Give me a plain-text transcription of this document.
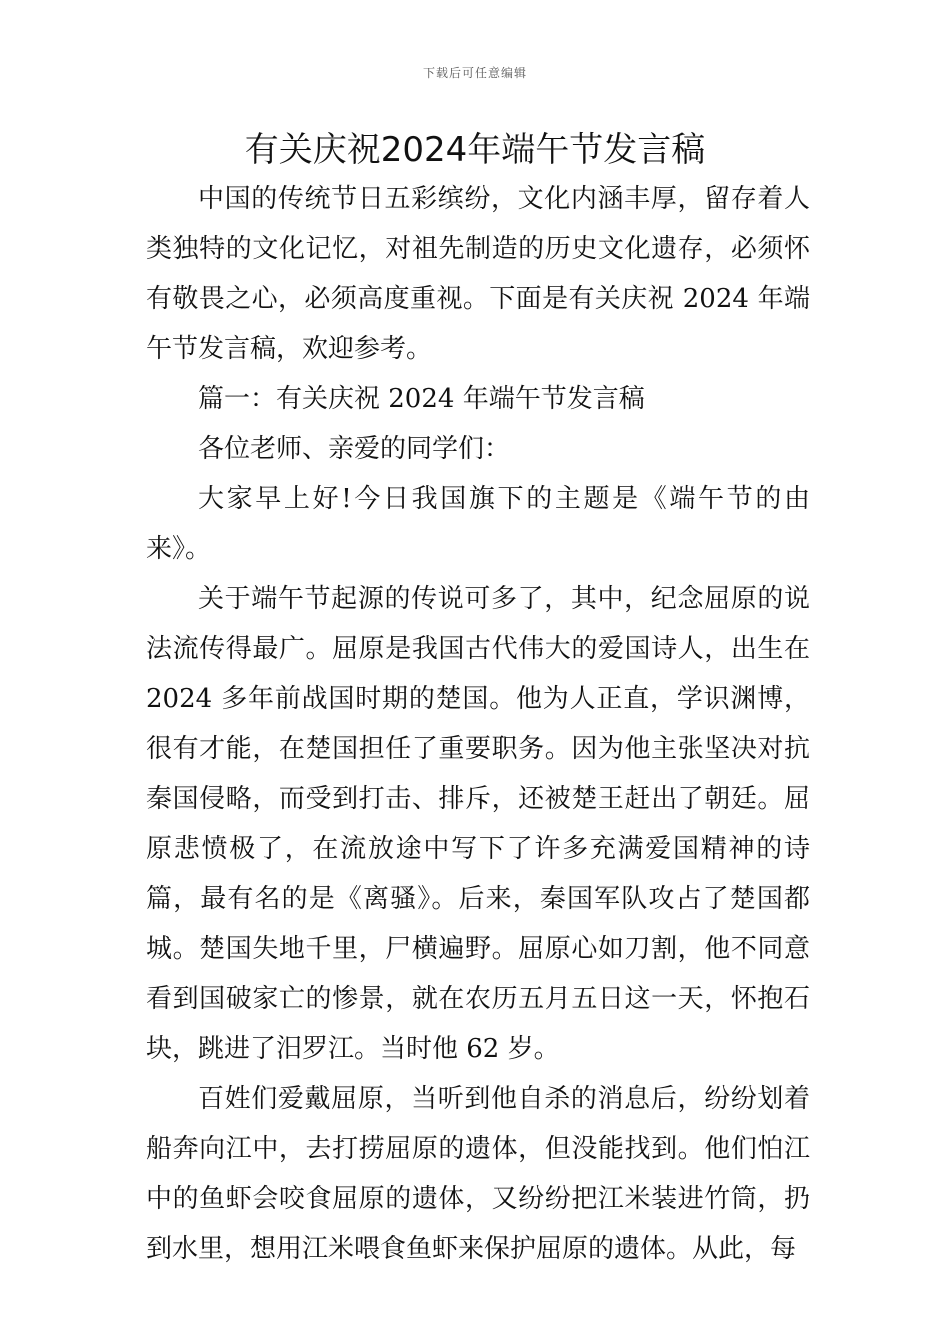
下载后可任意编辑
有关庆祝2024年端午节发言稿

中国的传统节日五彩缤纷，文化内涵丰厚，留存着人类独特的文化记忆，对祖先制造的历史文化遗存，必须怀有敬畏之心，必须高度重视。下面是有关庆祝 2024 年端午节发言稿，欢迎参考。

篇一：有关庆祝 2024 年端午节发言稿

各位老师、亲爱的同学们：

大家早上好!今日我国旗下的主题是《端午节的由来》。

关于端午节起源的传说可多了，其中，纪念屈原的说法流传得最广。屈原是我国古代伟大的爱国诗人，出生在 2024 多年前战国时期的楚国。他为人正直，学识渊博，很有才能，在楚国担任了重要职务。因为他主张坚决对抗秦国侵略，而受到打击、排斥，还被楚王赶出了朝廷。屈原悲愤极了，在流放途中写下了许多充满爱国精神的诗篇，最有名的是《离骚》。后来，秦国军队攻占了楚国都城。楚国失地千里，尸横遍野。屈原心如刀割，他不同意看到国破家亡的惨景，就在农历五月五日这一天，怀抱石块，跳进了汨罗江。当时他 62 岁。

百姓们爱戴屈原，当听到他自杀的消息后，纷纷划着船奔向江中，去打捞屈原的遗体，但没能找到。他们怕江中的鱼虾会咬食屈原的遗体，又纷纷把江米装进竹筒，扔到水里，想用江米喂食鱼虾来保护屈原的遗体。从此，每
